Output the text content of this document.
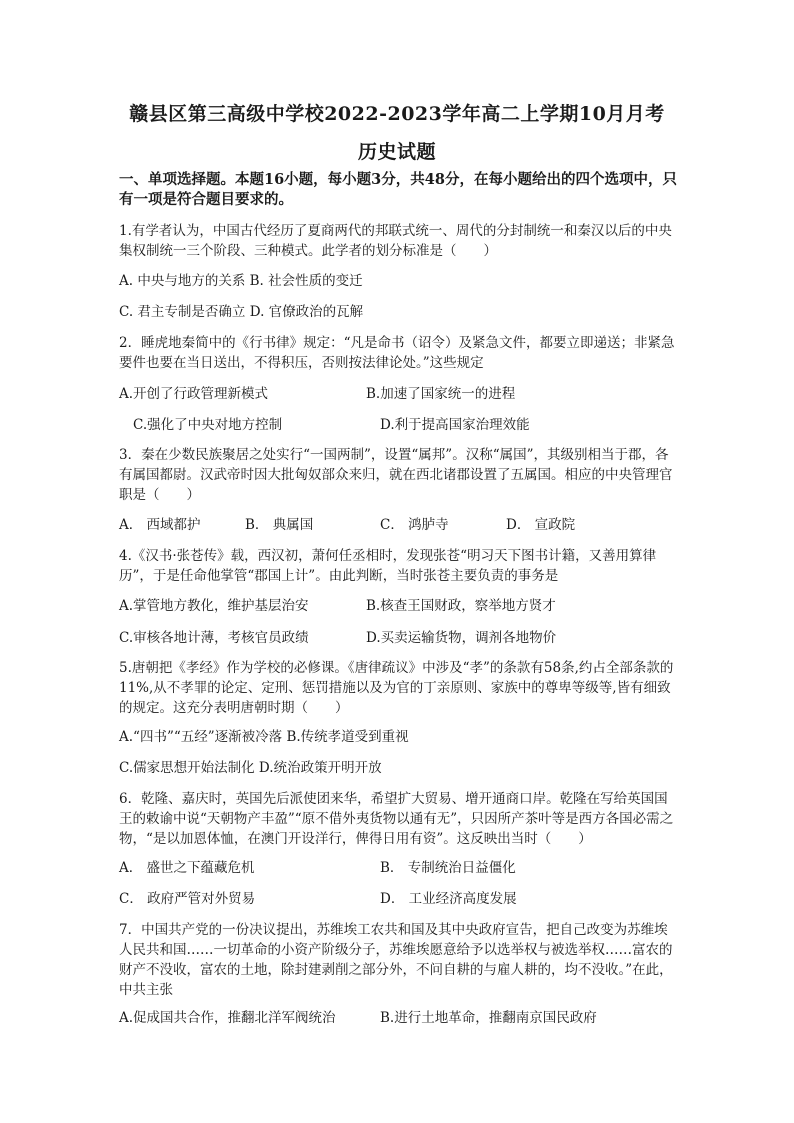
赣县区第三高级中学校2022-2023学年高二上学期10月月考
历史试题
一、单项选择题。本题16小题，每小题3分，共48分，在每小题给出的四个选项中，只有一项是符合题目要求的。
1.有学者认为，中国古代经历了夏商两代的邦联式统一、周代的分封制统一和秦汉以后的中央集权制统一三个阶段、三种模式。此学者的划分标准是（　　）
A. 中央与地方的关系 B. 社会性质的变迁
C. 君主专制是否确立 D. 官僚政治的瓦解
2．睡虎地秦简中的《行书律》规定：“凡是命书（诏令）及紧急文件，都要立即递送；非紧急要件也要在当日送出，不得积压，否则按法律论处。”这些规定
A.开创了行政管理新模式	B.加速了国家统一的进程
C.强化了中央对地方控制	D.利于提高国家治理效能
3．秦在少数民族聚居之处实行“一国两制”，设置“属邦”。汉称“属国”，其级别相当于郡，各有属国都尉。汉武帝时因大批匈奴部众来归，就在西北诸郡设置了五属国。相应的中央管理官职是（　　）
A． 西域都护	B． 典属国	C． 鸿胪寺	D． 宣政院
4.《汉书·张苍传》载，西汉初，萧何任丞相时，发现张苍“明习天下图书计籍，又善用算律历”，于是任命他掌管“郡国上计”。由此判断，当时张苍主要负责的事务是
A.掌管地方教化，维护基层治安	B.核查王国财政，察举地方贤才
C.审核各地计薄，考核官员政绩	D.买卖运输货物，调剂各地物价
5.唐朝把《孝经》作为学校的必修课。《唐律疏议》中涉及“孝”的条款有58条,约占全部条款的11%,从不孝罪的论定、定刑、惩罚措施以及为官的丁亲原则、家族中的尊卑等级等,皆有细致的规定。这充分表明唐朝时期（　　）
A.“四书”“五经”逐渐被冷落 B.传统孝道受到重视
C.儒家思想开始法制化 D.统治政策开明开放
6．乾隆、嘉庆时，英国先后派使团来华，希望扩大贸易、增开通商口岸。乾隆在写给英国国王的敕谕中说“天朝物产丰盈”“原不借外夷货物以通有无”，只因所产茶叶等是西方各国必需之物，“是以加恩体恤，在澳门开设洋行，俾得日用有资”。这反映出当时（　　）
A． 盛世之下蕴藏危机	B． 专制统治日益僵化
C． 政府严管对外贸易	D． 工业经济高度发展
7．中国共产党的一份决议提出，苏维埃工农共和国及其中央政府宣告，把自己改变为苏维埃人民共和国……一切革命的小资产阶级分子，苏维埃愿意给予以选举权与被选举权……富农的财产不没收，富农的土地，除封建剥削之部分外，不问自耕的与雇人耕的，均不没收。”在此，中共主张
A.促成国共合作，推翻北洋军阀统治	B.进行土地革命，推翻南京国民政府
